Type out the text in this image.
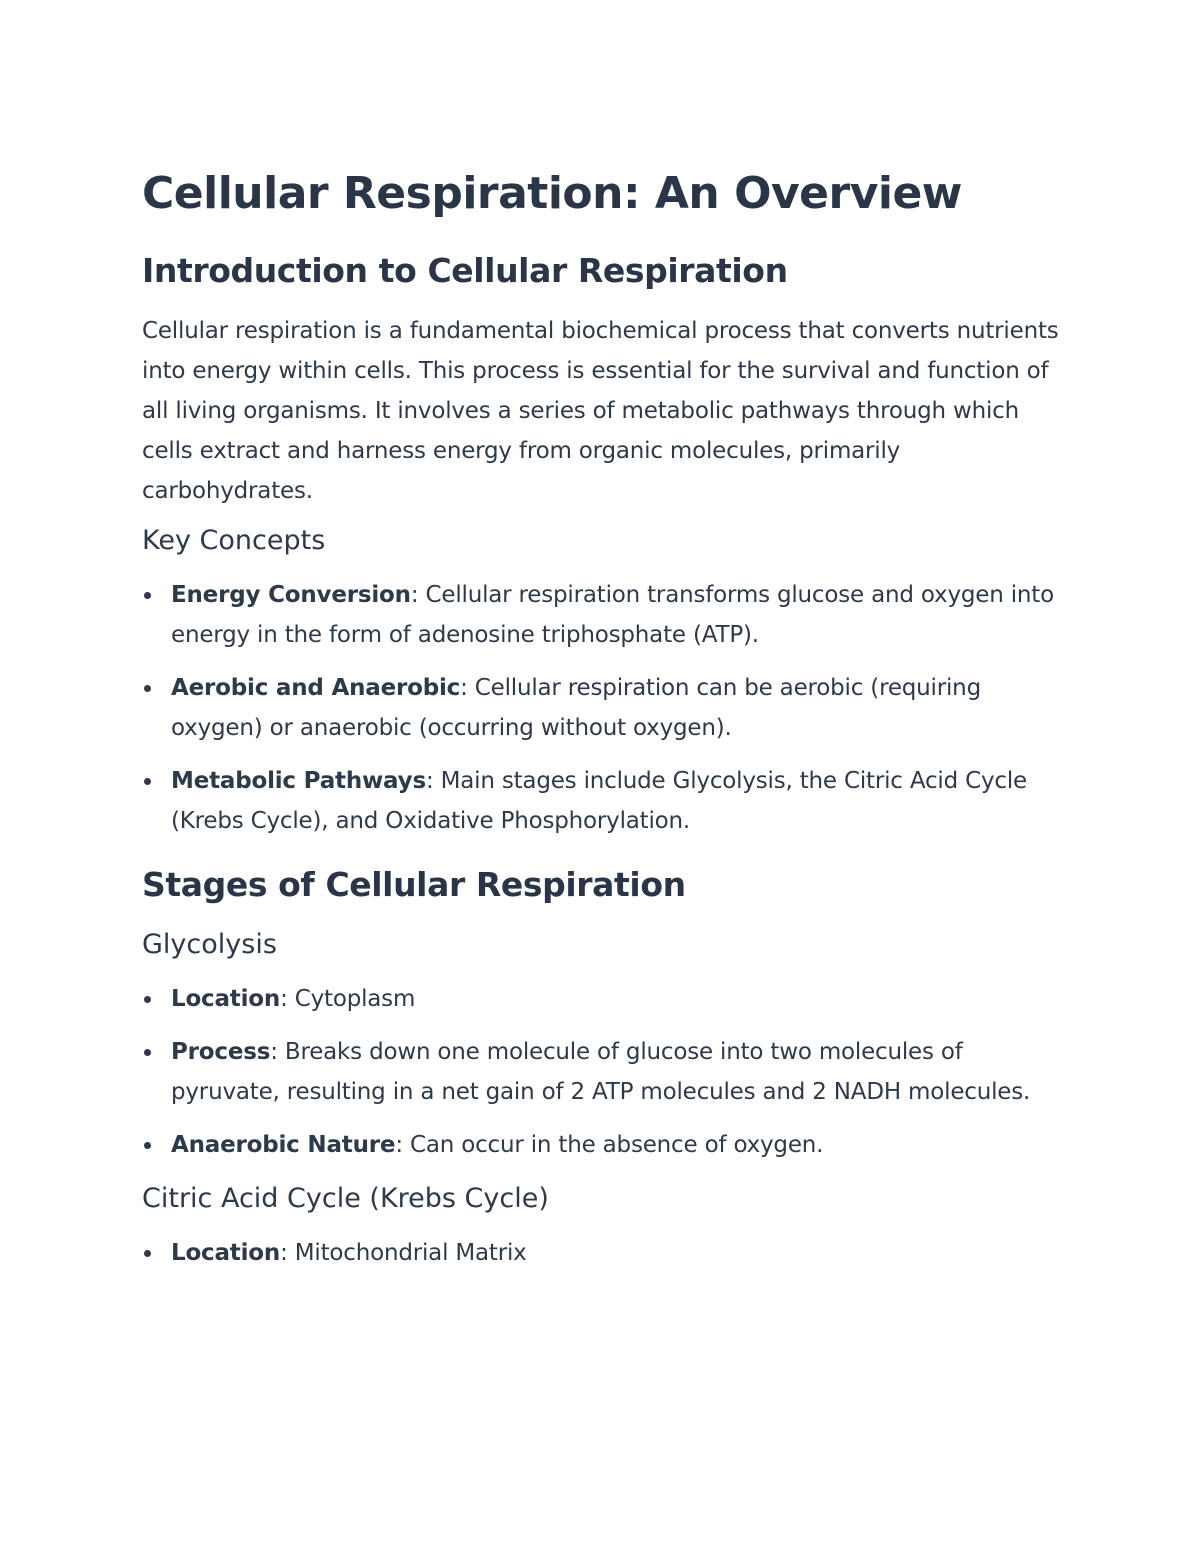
Cellular Respiration: An Overview
Introduction to Cellular Respiration

Cellular respiration is a fundamental biochemical process that converts nutrients into energy within cells. This process is essential for the survival and function of all living organisms. It involves a series of metabolic pathways through which cells extract and harness energy from organic molecules, primarily carbohydrates.

Key Concepts
Energy Conversion: Cellular respiration transforms glucose and oxygen into energy in the form of adenosine triphosphate (ATP).
Aerobic and Anaerobic: Cellular respiration can be aerobic (requiring oxygen) or anaerobic (occurring without oxygen).
Metabolic Pathways: Main stages include Glycolysis, the Citric Acid Cycle (Krebs Cycle), and Oxidative Phosphorylation.
Stages of Cellular Respiration
Glycolysis
Location: Cytoplasm
Process: Breaks down one molecule of glucose into two molecules of pyruvate, resulting in a net gain of 2 ATP molecules and 2 NADH molecules.
Anaerobic Nature: Can occur in the absence of oxygen.
Citric Acid Cycle (Krebs Cycle)
Location: Mitochondrial Matrix
